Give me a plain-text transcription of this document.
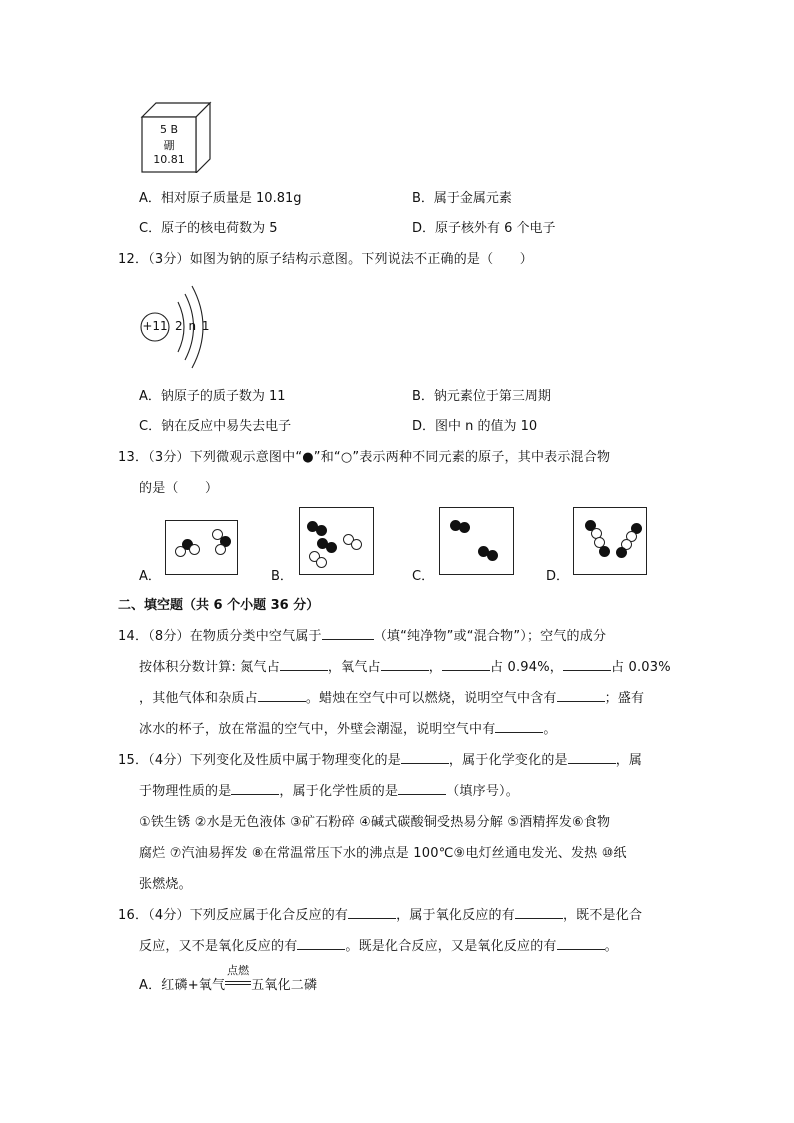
5 B
硼
10.81
A．相对原子质量是 10.81g	B．属于金属元素
C．原子的核电荷数为 5	D．原子核外有 6 个电子
12．（3分）如图为钠的原子结构示意图。下列说法不正确的是（　　）
+11 2 n 1
A．钠原子的质子数为 11	B．钠元素位于第三周期
C．钠在反应中易失去电子	D．图中 n 的值为 10
13．（3分）下列微观示意图中“●”和“○”表示两种不同元素的原子，其中表示混合物
的是（　　）
A．	B．	C．	D．
二、填空题（共 6 个小题 36 分）
14．（8分）在物质分类中空气属于	（填“纯净物”或“混合物”）；空气的成分
按体积分数计算: 氮气占	，氧气占	，	占 0.94%，	占 0.03%
，其他气体和杂质占	。蜡烛在空气中可以燃烧，说明空气中含有	；盛有
冰水的杯子，放在常温的空气中，外壁会潮湿，说明空气中有	。
15．（4分）下列变化及性质中属于物理变化的是	，属于化学变化的是	，属
于物理性质的是	，属于化学性质的是	（填序号）。
①铁生锈 ②水是无色液体 ③矿石粉碎 ④碱式碳酸铜受热易分解 ⑤酒精挥发⑥食物
腐烂 ⑦汽油易挥发 ⑧在常温常压下水的沸点是 100℃⑨电灯丝通电发光、发热 ⑩纸
张燃烧。
16．（4分）下列反应属于化合反应的有	，属于氧化反应的有	，既不是化合
反应，又不是氧化反应的有	。既是化合反应，又是氧化反应的有	。
A．红磷+氧气
点燃
五氧化二磷
